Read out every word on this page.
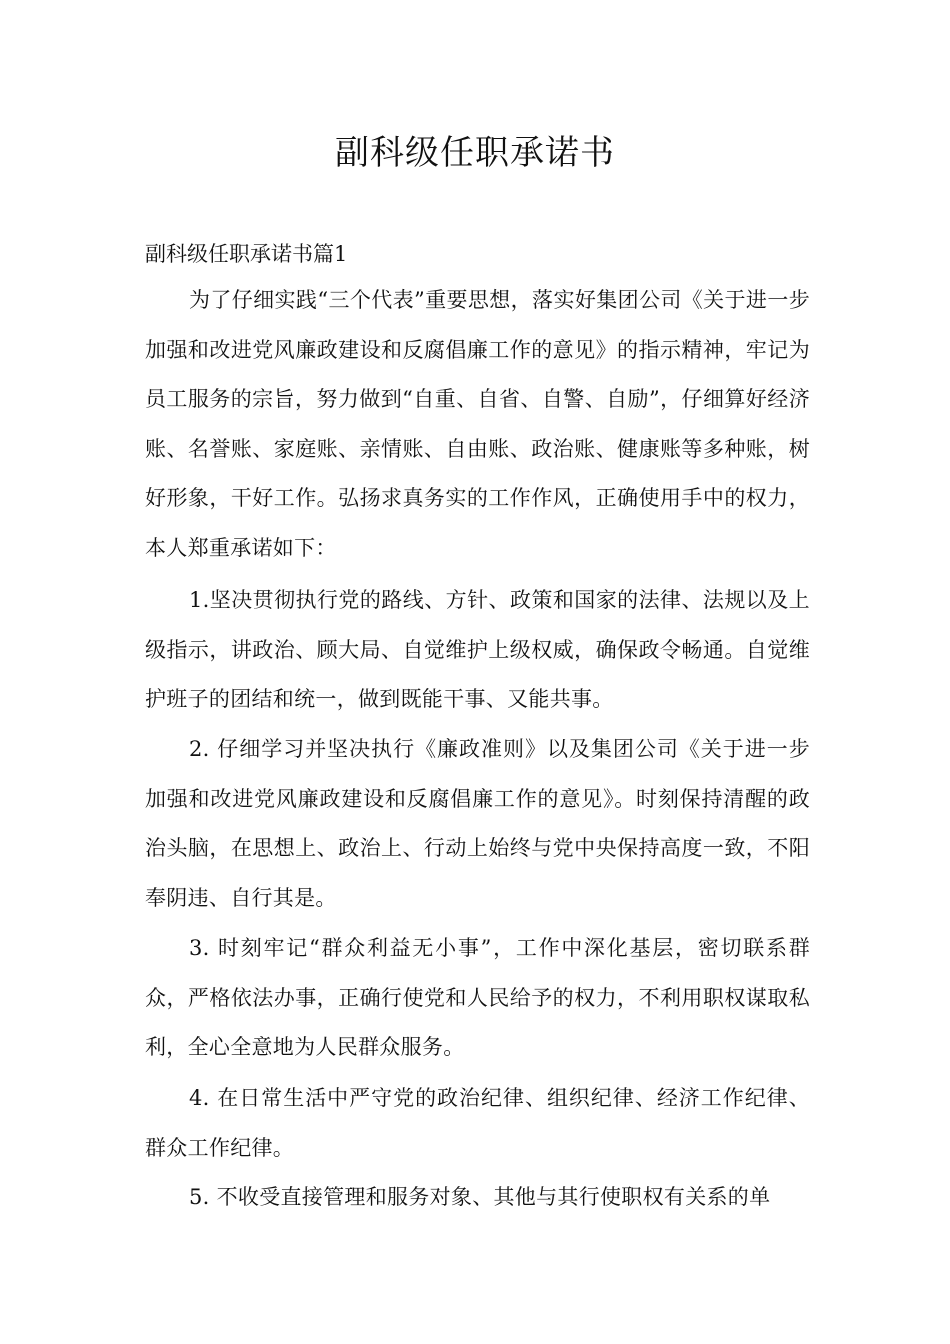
副科级任职承诺书

副科级任职承诺书篇1

为了仔细实践“三个代表”重要思想，落实好集团公司《关于进一步加强和改进党风廉政建设和反腐倡廉工作的意见》的指示精神，牢记为员工服务的宗旨，努力做到“自重、自省、自警、自励”，仔细算好经济账、名誉账、家庭账、亲情账、自由账、政治账、健康账等多种账，树好形象，干好工作。弘扬求真务实的工作作风，正确使用手中的权力，本人郑重承诺如下：

1.坚决贯彻执行党的路线、方针、政策和国家的法律、法规以及上级指示，讲政治、顾大局、自觉维护上级权威，确保政令畅通。自觉维护班子的团结和统一，做到既能干事、又能共事。

2. 仔细学习并坚决执行《廉政准则》以及集团公司《关于进一步加强和改进党风廉政建设和反腐倡廉工作的意见》。时刻保持清醒的政治头脑，在思想上、政治上、行动上始终与党中央保持高度一致，不阳奉阴违、自行其是。

3. 时刻牢记“群众利益无小事”，工作中深化基层，密切联系群众，严格依法办事，正确行使党和人民给予的权力，不利用职权谋取私利，全心全意地为人民群众服务。

4. 在日常生活中严守党的政治纪律、组织纪律、经济工作纪律、群众工作纪律。

5. 不收受直接管理和服务对象、其他与其行使职权有关系的单
